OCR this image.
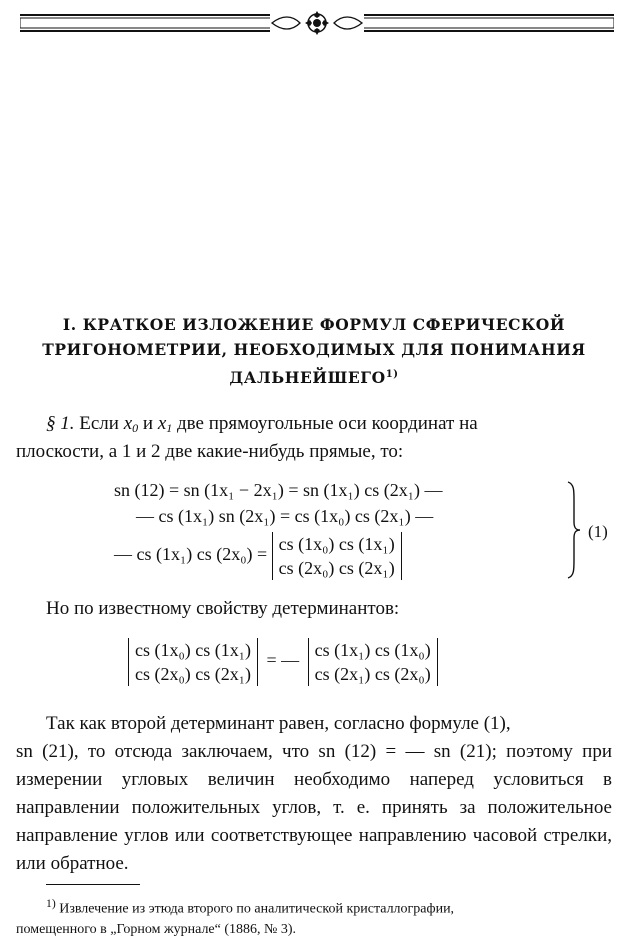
I. КРАТКОЕ ИЗЛОЖЕНИЕ ФОРМУЛ СФЕРИЧЕСКОЙ ТРИГОНОМЕТРИИ, НЕОБХОДИМЫХ ДЛЯ ПОНИМАНИЯ ДАЛЬНЕЙШЕГО$^{1)}$
§ 1. Если $x_0$ и $x_1$ две прямоугольные оси координат на
плоскости, а 1 и 2 две какие-нибудь прямые, то:
sn (12) = sn (1x₁ − 2x₁) = sn (1x₁) cs (2x₁) —
— cs (1x₁) sn (2x₁) = cs (1x₀) cs (2x₁) —
— cs (1x₁) cs (2x₀) =
cs (1x₀) cs (1x₁)
cs (2x₀) cs (2x₁)
(1)
Но по известному свойству детерминантов:
cs (1x₀) cs (1x₁)
cs (2x₀) cs (2x₁)
= —
cs (1x₁) cs (1x₀)
cs (2x₁) cs (2x₀)
Так как второй детерминант равен, согласно формуле (1),
sn (21), то отсюда заключаем, что sn (12) = — sn (21); поэтому при измерении угловых величин необходимо наперед условиться в направлении положительных углов, т. е. принять за положительное направление углов или соответствующее направлению часовой стрелки, или обратное.
$^{1)}$ Извлечение из этюда второго по аналитической кристаллографии,
помещенного в „Горном журнале“ (1886, № 3).
